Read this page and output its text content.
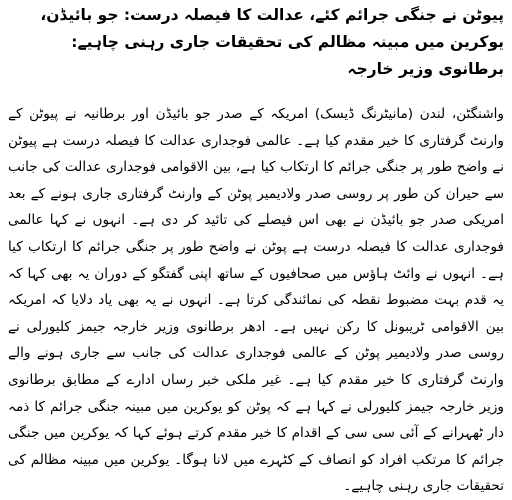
پیوٹن نے جنگی جرائم کئے، عدالت کا فیصلہ درست: جو بائیڈن، یوکرین میں مبینہ مظالم کی تحقیقات جاری رہنی چاہیے: برطانوی وزیر خارجہ

واشنگٹن، لندن (مانیٹرنگ ڈیسک) امریکہ کے صدر جو بائیڈن اور برطانیہ نے پیوٹن کے وارنٹ گرفتاری کا خیر مقدم کیا ہے۔ عالمی فوجداری عدالت کا فیصلہ درست ہے پیوٹن نے واضح طور پر جنگی جرائم کا ارتکاب کیا ہے، بین الاقوامی فوجداری عدالت کی جانب سے حیران کن طور پر روسی صدر ولادیمیر پوٹن کے وارنٹ گرفتاری جاری ہونے کے بعد امریکی صدر جو بائیڈن نے بھی اس فیصلے کی تائید کر دی ہے۔ انہوں نے کہا عالمی فوجداری عدالت کا فیصلہ درست ہے پوٹن نے واضح طور پر جنگی جرائم کا ارتکاب کیا ہے۔ انہوں نے وائٹ ہاؤس میں صحافیوں کے ساتھ اپنی گفتگو کے دوران یہ بھی کہا کہ یہ قدم بہت مضبوط نقطہ کی نمائندگی کرتا ہے۔ انہوں نے یہ بھی یاد دلایا کہ امریکہ بین الاقوامی ٹریبونل کا رکن نہیں ہے۔ ادھر برطانوی وزیر خارجہ جیمز کلیورلی نے روسی صدر ولادیمیر پوٹن کے عالمی فوجداری عدالت کی جانب سے جاری ہونے والے وارنٹ گرفتاری کا خیر مقدم کیا ہے۔ غیر ملکی خبر رساں ادارے کے مطابق برطانوی وزیر خارجہ جیمز کلیورلی نے کہا ہے کہ پوٹن کو یوکرین میں مبینہ جنگی جرائم کا ذمہ دار ٹھہرانے کے آئی سی سی کے اقدام کا خیر مقدم کرتے ہوئے کہا کہ یوکرین میں جنگی جرائم کا مرتکب افراد کو انصاف کے کٹہرے میں لانا ہوگا۔ یوکرین میں مبینہ مظالم کی تحقیقات جاری رہنی چاہیے۔
